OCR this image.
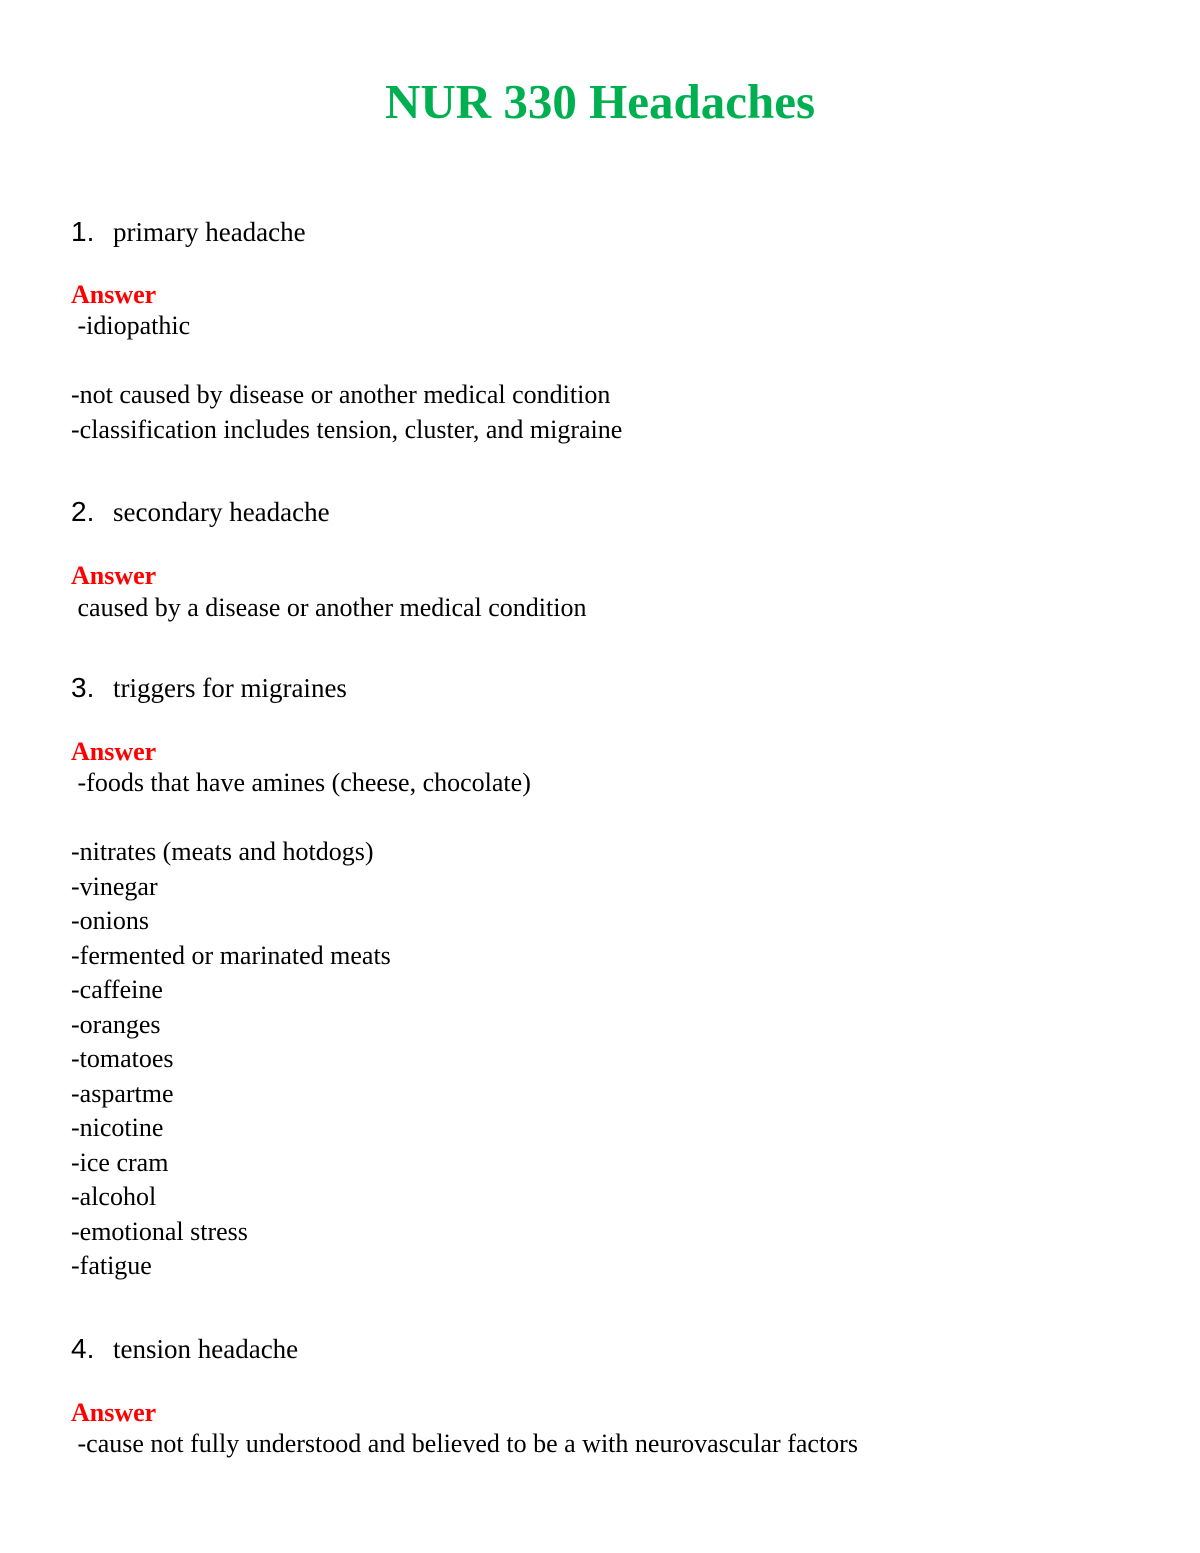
NUR 330 Headaches
1. primary headache
Answer
-idiopathic
-not caused by disease or another medical condition
-classification includes tension, cluster, and migraine
2. secondary headache
Answer
caused by a disease or another medical condition
3. triggers for migraines
Answer
-foods that have amines (cheese, chocolate)
-nitrates (meats and hotdogs)
-vinegar
-onions
-fermented or marinated meats
-caffeine
-oranges
-tomatoes
-aspartme
-nicotine
-ice cram
-alcohol
-emotional stress
-fatigue
4. tension headache
Answer
-cause not fully understood and believed to be a with neurovascular factors
